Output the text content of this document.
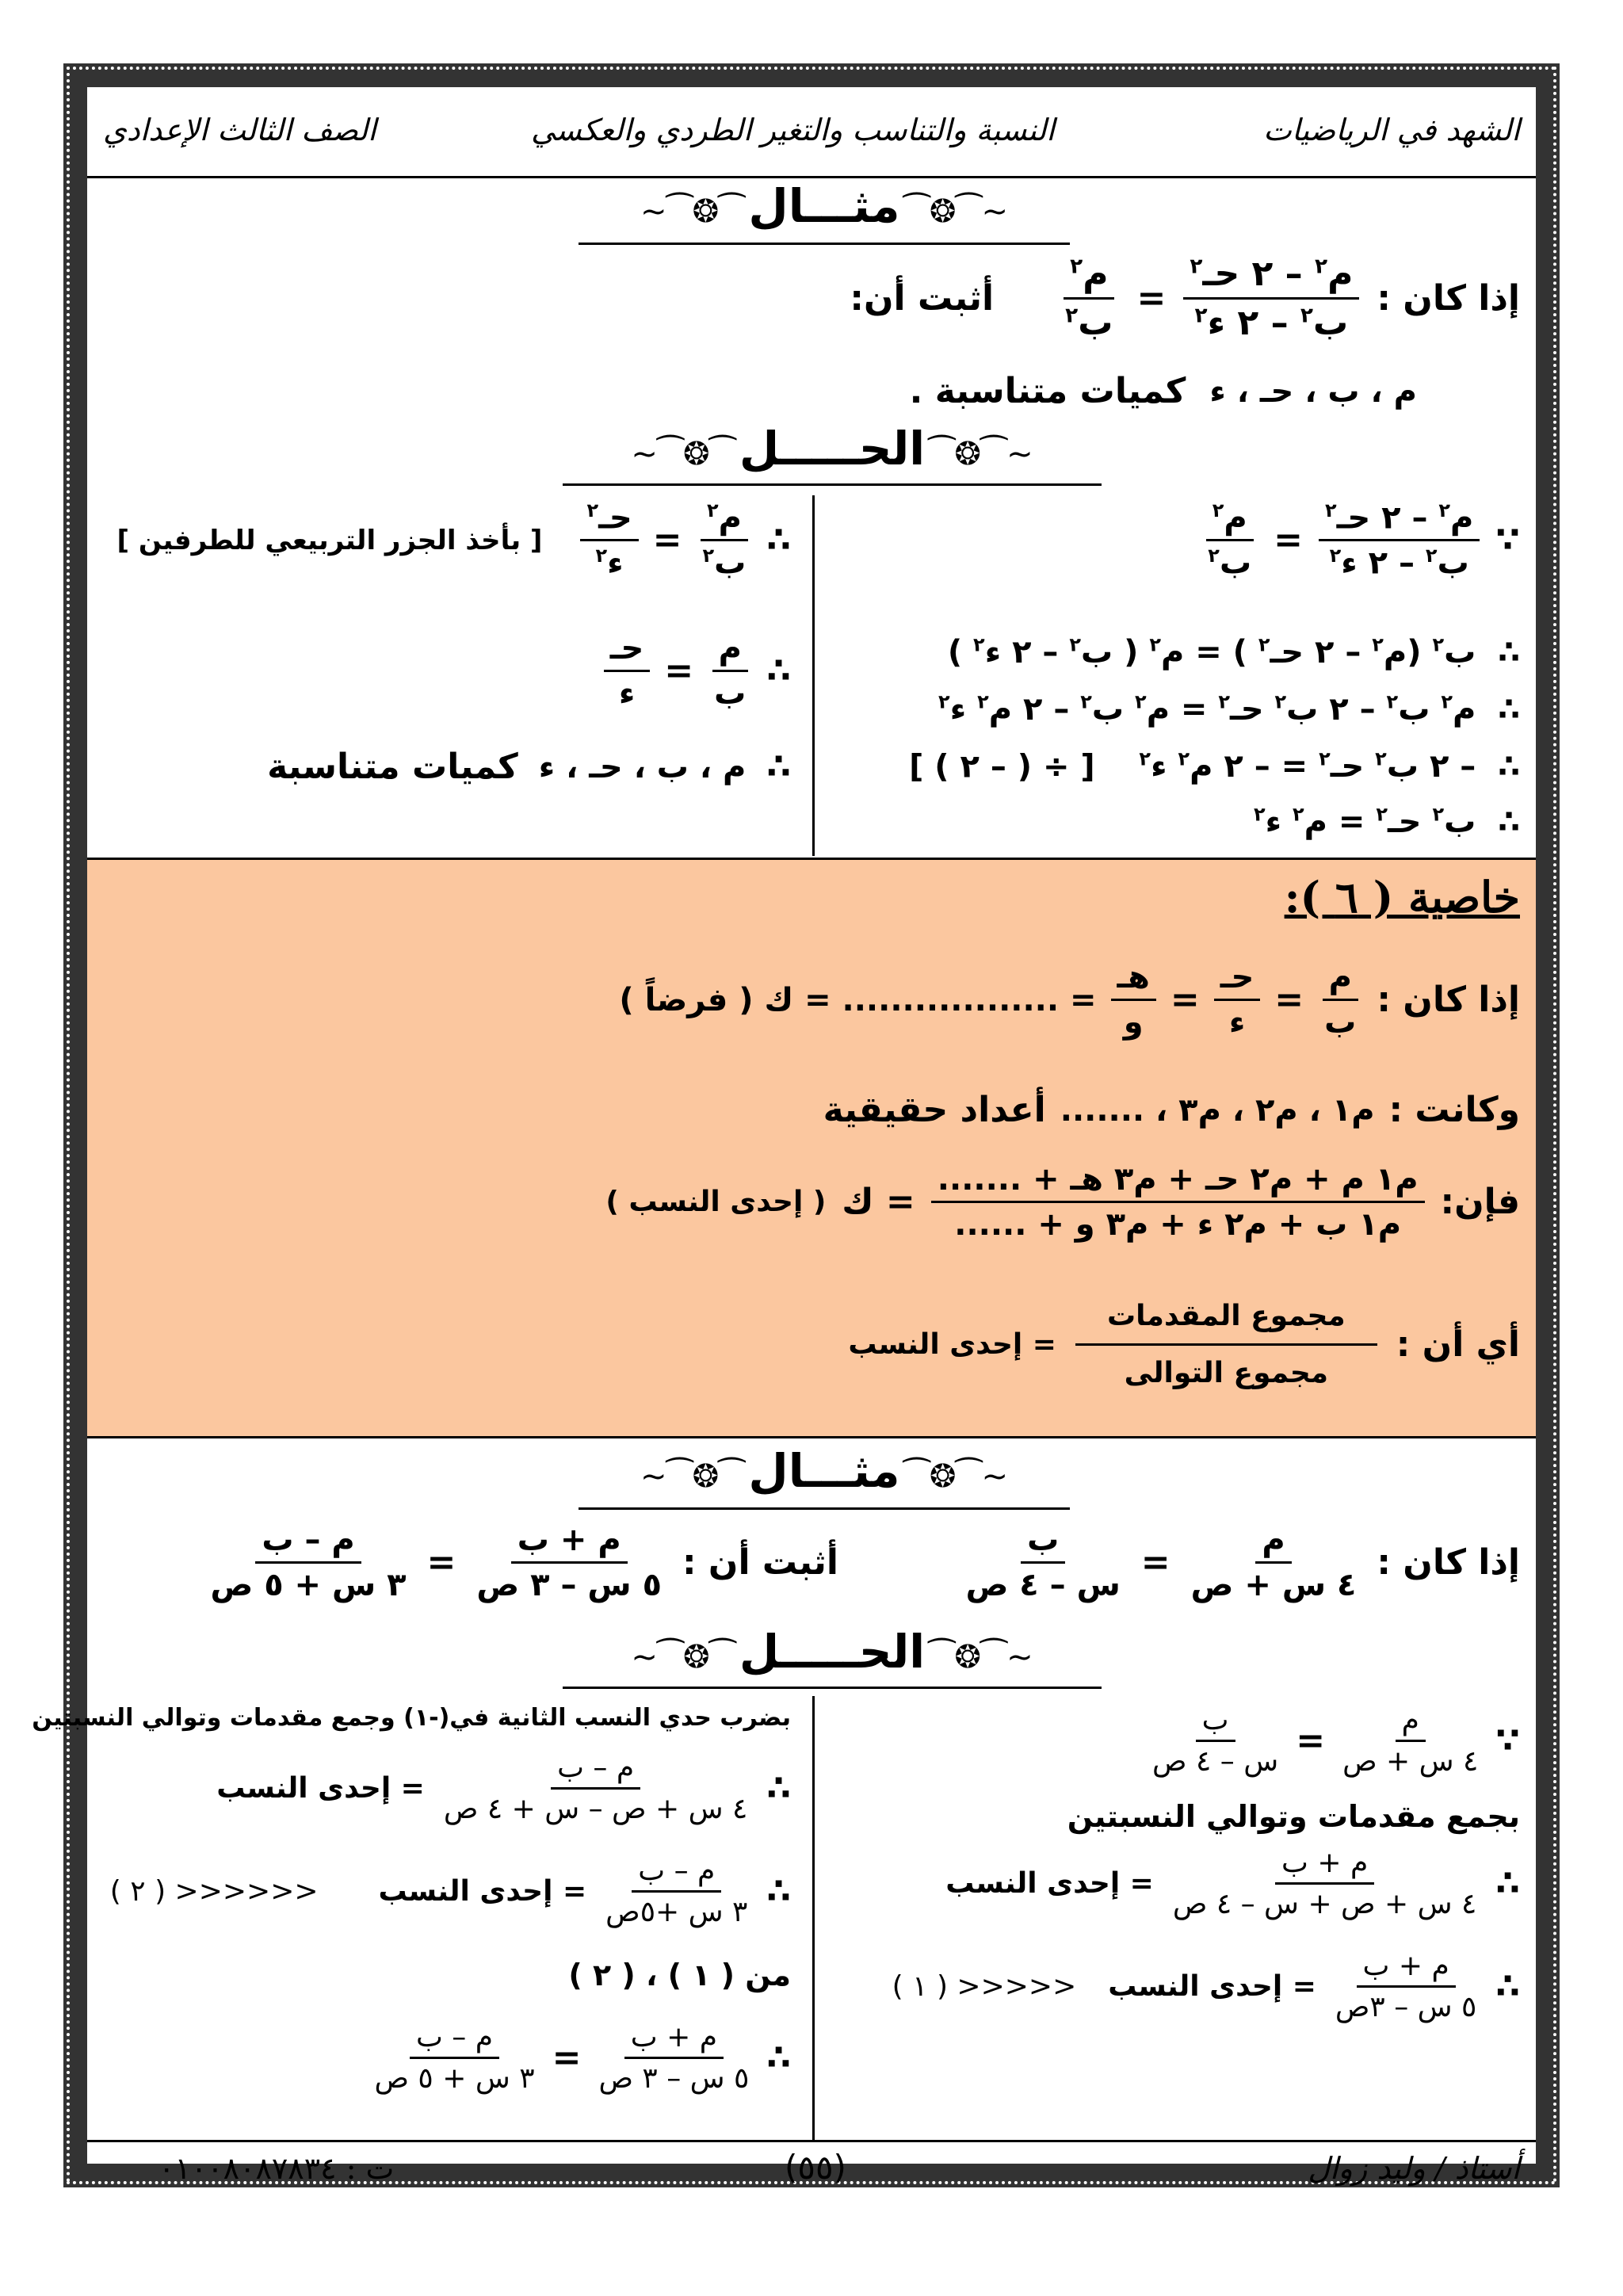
الشهد في الرياضيات
النسبة والتناسب والتغير الطردي والعكسي
الصف الثالث الإعدادي
~⁀❂⁀ مثـــال ⁀❂⁀~
إذا كان :
$\frac{م^٢ - ٢ حـ^٢}{ب^٢ - ٢ ء^٢}$
=
$\frac{م^٢}{ب^٢}$
أثبت أن:
م ، ب ، حـ ، ء
كميات متناسبة .
~⁀❂⁀ الحـــــل ⁀❂⁀~
∵
$\frac{م^٢ - ٢ حـ^٢}{ب^٢ - ٢ ء^٢}$
=
$\frac{م^٢}{ب^٢}$
∴  ب$^٢$ (م$^٢$ – ٢ حـ$^٢$ ) = م$^٢$ ( ب$^٢$ – ٢ ء$^٢$ )
∴  م$^٢$ ب$^٢$ – ٢ ب$^٢$ حـ$^٢$ = م$^٢$ ب$^٢$ – ٢ م$^٢$ ء$^٢$
∴  – ٢ ب$^٢$ حـ$^٢$ = – ٢ م$^٢$ ء$^٢$    [ ÷ ( – ٢ ) ]
∴  ب$^٢$ حـ$^٢$ = م$^٢$ ء$^٢$
∴
$\frac{م^٢}{ب^٢}$
=
$\frac{حـ^٢}{ء^٢}$
[ بأخذ الجزر التربيعي للطرفين ]
∴
$\frac{\text{م}}{\text{ب}}$
=
$\frac{\text{حـ}}{\text{ء}}$
∴
م ، ب ، حـ ، ء
كميات متناسبة
خاصية ( ٦ ):
إذا كان :
$\frac{\text{م}}{\text{ب}}$
=
$\frac{\text{حـ}}{\text{ء}}$
=
$\frac{\text{هـ}}{\text{و}}$
= .................. = ك ( فرضاً )
وكانت :
م١ ، م٢ ، م٣ ، .......
أعداد حقيقية
فإن:
$\frac{\text{م١ م + م٢ حـ + م٣ هـ + .......}}{\text{م١ ب + م٢ ء + م٣ و + ......}}$
= ك
( إحدى النسب )
أي أن :
$\frac{\text{مجموع المقدمات}}{\text{مجموع التوالى}}$
= إحدى النسب
~⁀❂⁀ مثـــال ⁀❂⁀~
إذا كان :
$\frac{\text{م}}{\text{٤ س + ص}}$
=
$\frac{\text{ب}}{\text{س – ٤ ص}}$
أثبت أن :
$\frac{\text{م + ب}}{\text{٥ س – ٣ ص}}$
=
$\frac{\text{م – ب}}{\text{٣ س + ٥ ص}}$
~⁀❂⁀ الحـــــل ⁀❂⁀~
∵
$\frac{\text{م}}{\text{٤ س + ص}}$
=
$\frac{\text{ب}}{\text{س – ٤ ص}}$
بجمع مقدمات وتوالي النسبتين
∴
$\frac{\text{م + ب}}{\text{٤ س + ص + س – ٤ ص}}$
= إحدى النسب
∴
$\frac{\text{م + ب}}{\text{٥ س – ٣ص}}$
= إحدى النسب
<<<<< ( ١ )
بضرب حدي النسب الثانية في(-١) وجمع مقدمات وتوالي النسبتين
∴
$\frac{\text{م – ب}}{\text{٤ س + ص – س + ٤ ص}}$
= إحدى النسب
∴
$\frac{\text{م – ب}}{\text{٣ س +٥ص}}$
= إحدى النسب
<<<<<< ( ٢ )
من ( ١ ) ، ( ٢ )
∴
$\frac{\text{م + ب}}{\text{٥ س – ٣ ص}}$
=
$\frac{\text{م – ب}}{\text{٣ س + ٥ ص}}$
أستاذ / وليد زوال
(٥٥)
ت : ٠١٠٠٨٠٨٧٨٣٤
